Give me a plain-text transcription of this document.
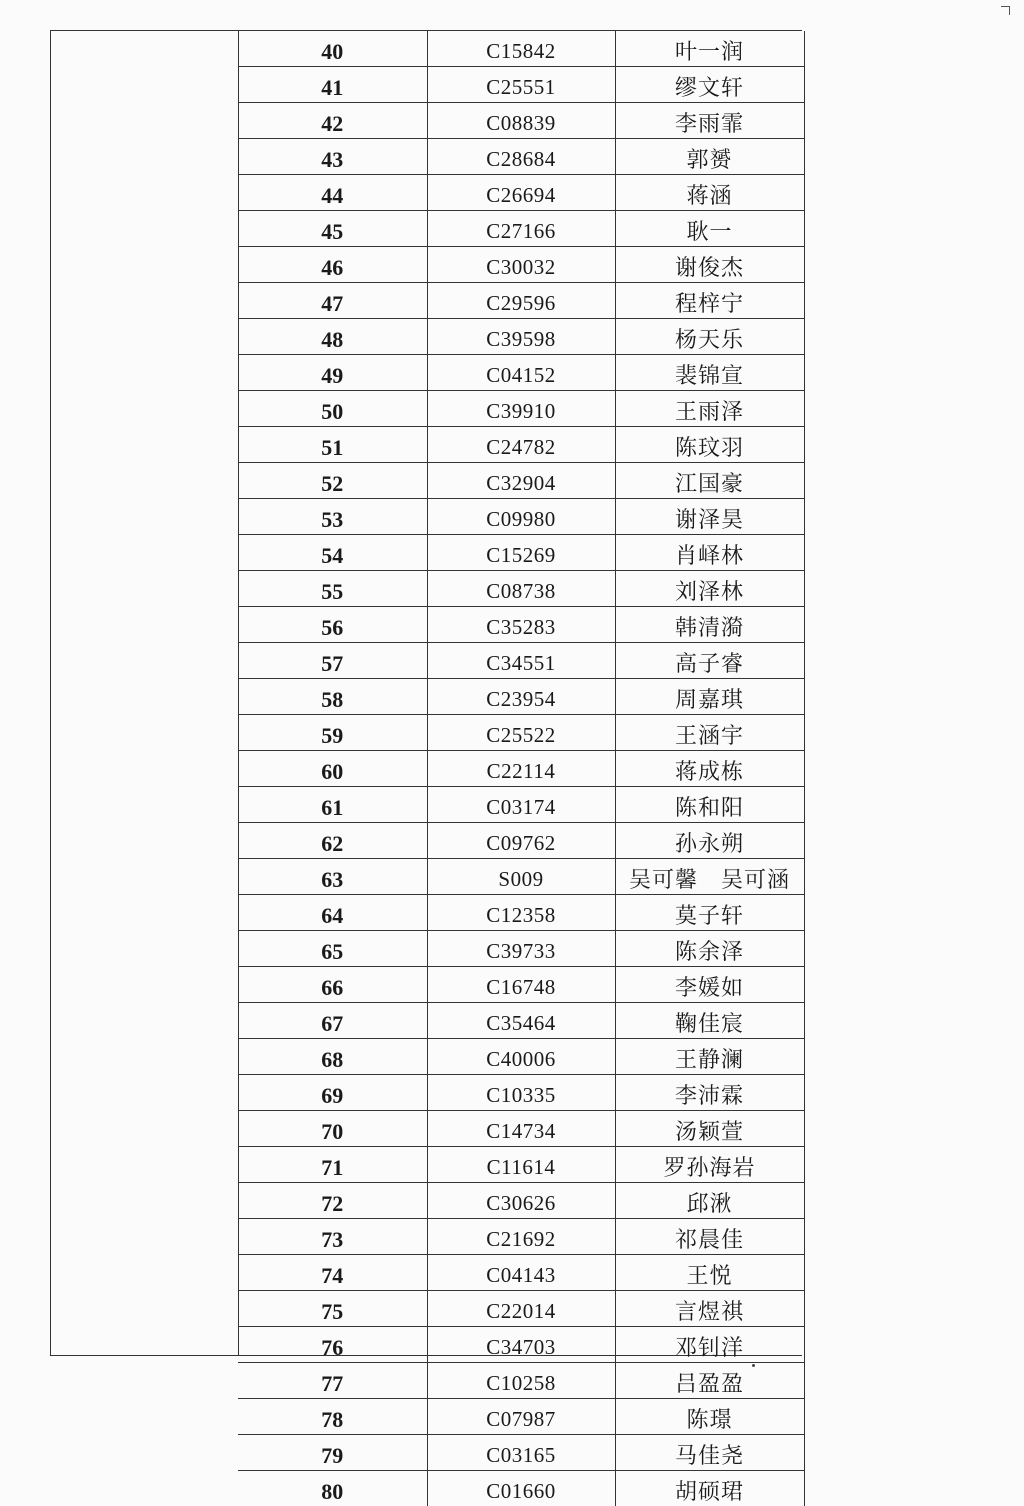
40	C15842	叶一润
41	C25551	缪文轩
42	C08839	李雨霏
43	C28684	郭赟
44	C26694	蒋涵
45	C27166	耿一
46	C30032	谢俊杰
47	C29596	程梓宁
48	C39598	杨天乐
49	C04152	裴锦宣
50	C39910	王雨泽
51	C24782	陈玟羽
52	C32904	江国豪
53	C09980	谢泽昊
54	C15269	肖峄林
55	C08738	刘泽林
56	C35283	韩清漪
57	C34551	高子睿
58	C23954	周嘉琪
59	C25522	王涵宇
60	C22114	蒋成栋
61	C03174	陈和阳
62	C09762	孙永朔
63	S009	吴可馨　吴可涵
64	C12358	莫子轩
65	C39733	陈余泽
66	C16748	李媛如
67	C35464	鞠佳宸
68	C40006	王静澜
69	C10335	李沛霖
70	C14734	汤颖萱
71	C11614	罗孙海岩
72	C30626	邱湫
73	C21692	祁晨佳
74	C04143	王悦
75	C22014	言煜祺
76	C34703	邓钊洋
77	C10258	吕盈盈
78	C07987	陈璟
79	C03165	马佳尧
80	C01660	胡硕珺
